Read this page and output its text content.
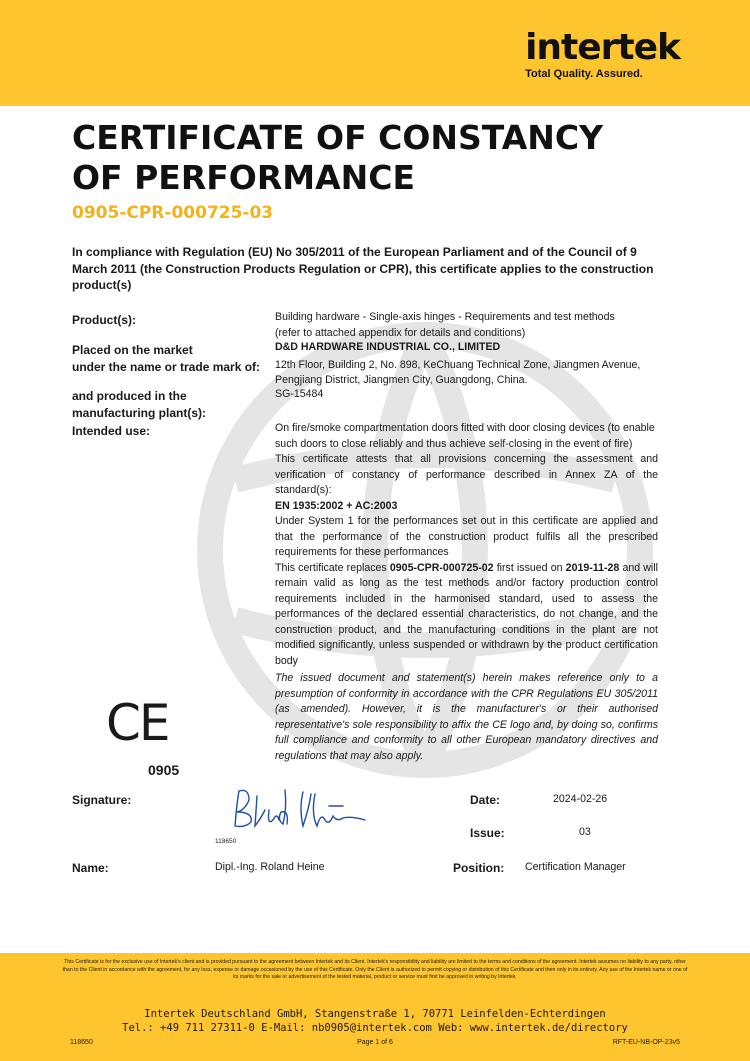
intertek
Total Quality. Assured.
CERTIFICATE OF CONSTANCY
OF PERFORMANCE
0905-CPR-000725-03
In compliance with Regulation (EU) No 305/2011 of the European Parliament and of the Council of 9 March 2011 (the Construction Products Regulation or CPR), this certificate applies to the construction product(s)
Product(s):	Building hardware - Single-axis hinges - Requirements and test methods
(refer to attached appendix for details and conditions)
Placed on the market
under the name or trade mark of:
D&D HARDWARE INDUSTRIAL CO., LIMITED
12th Floor, Building 2, No. 898, KeChuang Technical Zone, Jiangmen Avenue, Pengjiang District, Jiangmen City, Guangdong, China.
and produced in the
manufacturing plant(s):
SG-15484
Intended use:	On fire/smoke compartmentation doors fitted with door closing devices (to enable such doors to close reliably and thus achieve self-closing in the event of fire)
This certificate attests that all provisions concerning the assessment and verification of constancy of performance described in Annex ZA of the standard(s):
EN 1935:2002 + AC:2003
Under System 1 for the performances set out in this certificate are applied and that the performance of the construction product fulfils all the prescribed requirements for these performances
This certificate replaces 0905-CPR-000725-02 first issued on 2019-11-28 and will remain valid as long as the test methods and/or factory production control requirements included in the harmonised standard, used to assess the performances of the declared essential characteristics, do not change, and the construction product, and the manufacturing conditions in the plant are not modified significantly, unless suspended or withdrawn by the product certification body
The issued document and statement(s) herein makes reference only to a presumption of conformity in accordance with the CPR Regulations EU 305/2011 (as amended). However, it is the manufacturer's or their authorised representative's sole responsibility to affix the CE logo and, by doing so, confirms full compliance and conformity to all other European mandatory directives and regulations that may also apply.
CE
0905
Signature:
118650
Date:	2024-02-26
Issue:	03
Name:	Dipl.-Ing. Roland Heine	Position: Certification Manager
This Certificate is for the exclusive use of Intertek's client and is provided pursuant to the agreement between Intertek and its Client. Intertek's responsibility and liability are limited to the terms and conditions of the agreement. Intertek assumes no liability to any party, other than to the Client in accordance with the agreement, for any loss, expense or damage occasioned by the use of this Certificate. Only the Client is authorized to permit copying or distribution of this Certificate and then only in its entirety. Any use of the Intertek name or one of its marks for the sale or advertisement of the tested material, product or service must first be approved in writing by Intertek.
Intertek Deutschland GmbH, Stangenstraße 1, 70771 Leinfelden-Echterdingen
Tel.: +49 711 27311-0 E-Mail: nb0905@intertek.com Web: www.intertek.de/directory
118650	Page 1 of 6	RFT-EU-NB-OP-23v5
